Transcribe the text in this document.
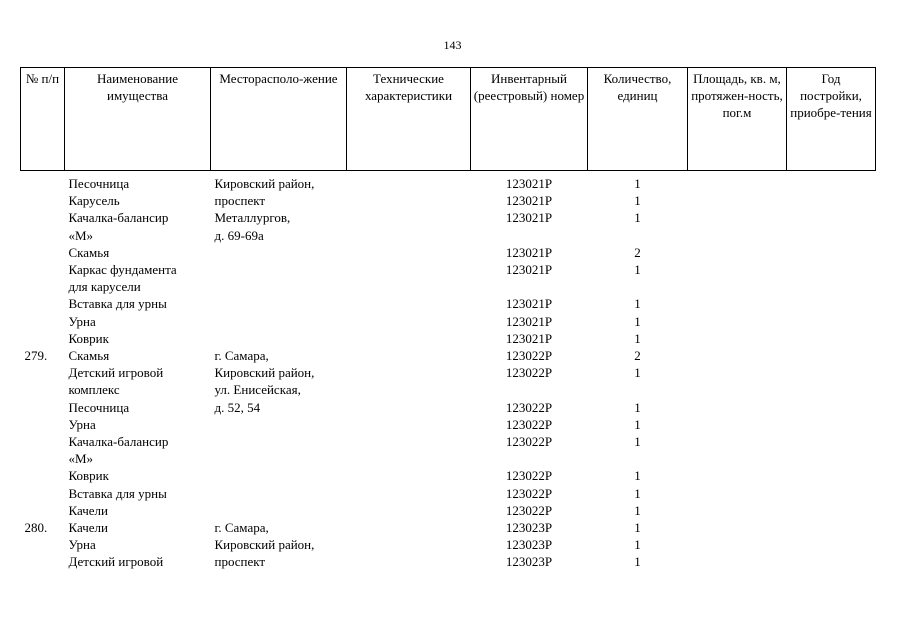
143
№ п/п	Наименование имущества	Месторасполо-жение	Технические характеристики	Инвентарный (реестровый) номер	Количество, единиц	Площадь, кв. м, протяжен-ность, пог.м	Год постройки, приобре-тения
	Песочница	Кировский район,		123021Р	1		
	Карусель	проспект		123021Р	1		
	Качалка-балансир	Металлургов,		123021Р	1		
	«М»	д. 69-69а					
	Скамья			123021Р	2		
	Каркас фундамента			123021Р	1		
	для карусели						
	Вставка для урны			123021Р	1		
	Урна			123021Р	1		
	Коврик			123021Р	1		
279.	Скамья	г. Самара,		123022Р	2		
	Детский игровой	Кировский район,		123022Р	1		
	комплекс	ул. Енисейская,					
	Песочница	д. 52, 54		123022Р	1		
	Урна			123022Р	1		
	Качалка-балансир			123022Р	1		
	«М»						
	Коврик			123022Р	1		
	Вставка для урны			123022Р	1		
	Качели			123022Р	1		
280.	Качели	г. Самара,		123023Р	1		
	Урна	Кировский район,		123023Р	1		
	Детский игровой	проспект		123023Р	1		
